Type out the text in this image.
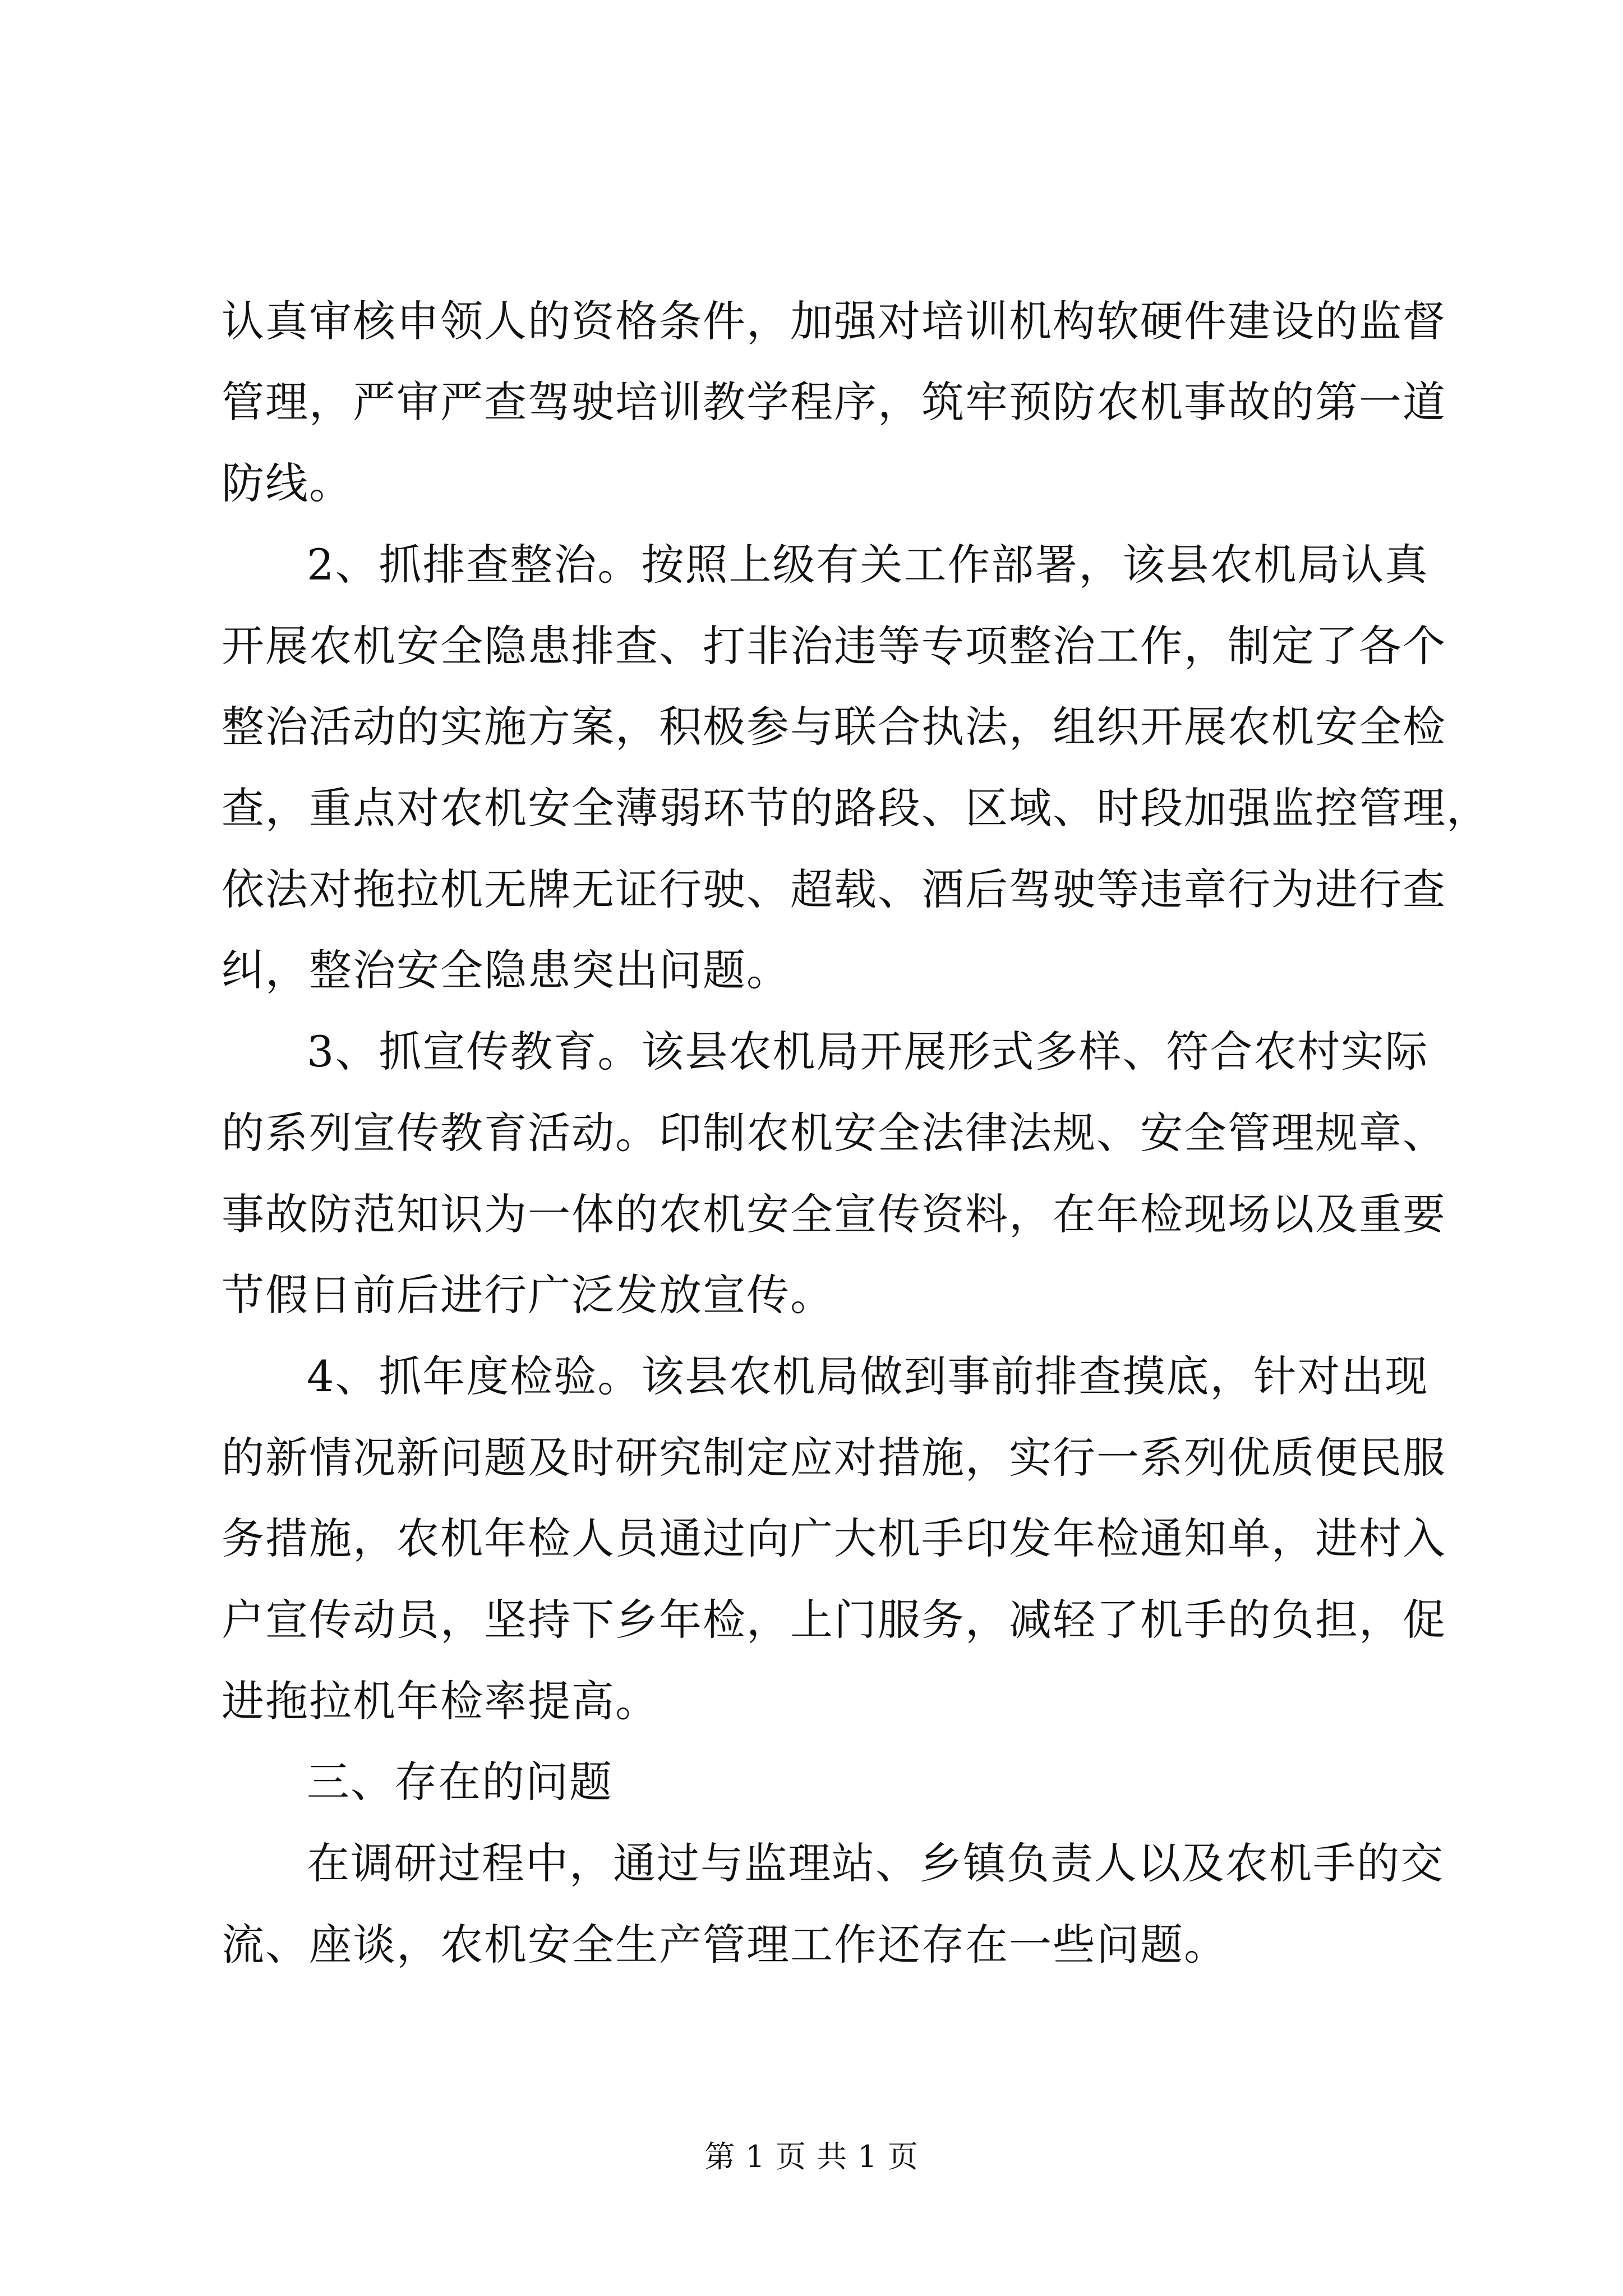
认真审核申领人的资格条件，加强对培训机构软硬件建设的监督
管理，严审严查驾驶培训教学程序，筑牢预防农机事故的第一道
防线。
2、抓排查整治。按照上级有关工作部署，该县农机局认真
开展农机安全隐患排查、打非治违等专项整治工作，制定了各个
整治活动的实施方案，积极参与联合执法，组织开展农机安全检
查，重点对农机安全薄弱环节的路段、区域、时段加强监控管理，
依法对拖拉机无牌无证行驶、超载、酒后驾驶等违章行为进行查
纠，整治安全隐患突出问题。
3、抓宣传教育。该县农机局开展形式多样、符合农村实际
的系列宣传教育活动。印制农机安全法律法规、安全管理规章、
事故防范知识为一体的农机安全宣传资料，在年检现场以及重要
节假日前后进行广泛发放宣传。
4、抓年度检验。该县农机局做到事前排查摸底，针对出现
的新情况新问题及时研究制定应对措施，实行一系列优质便民服
务措施，农机年检人员通过向广大机手印发年检通知单，进村入
户宣传动员，坚持下乡年检，上门服务，减轻了机手的负担，促
进拖拉机年检率提高。
三、存在的问题
在调研过程中，通过与监理站、乡镇负责人以及农机手的交
流、座谈，农机安全生产管理工作还存在一些问题。
第 1 页 共 1 页
